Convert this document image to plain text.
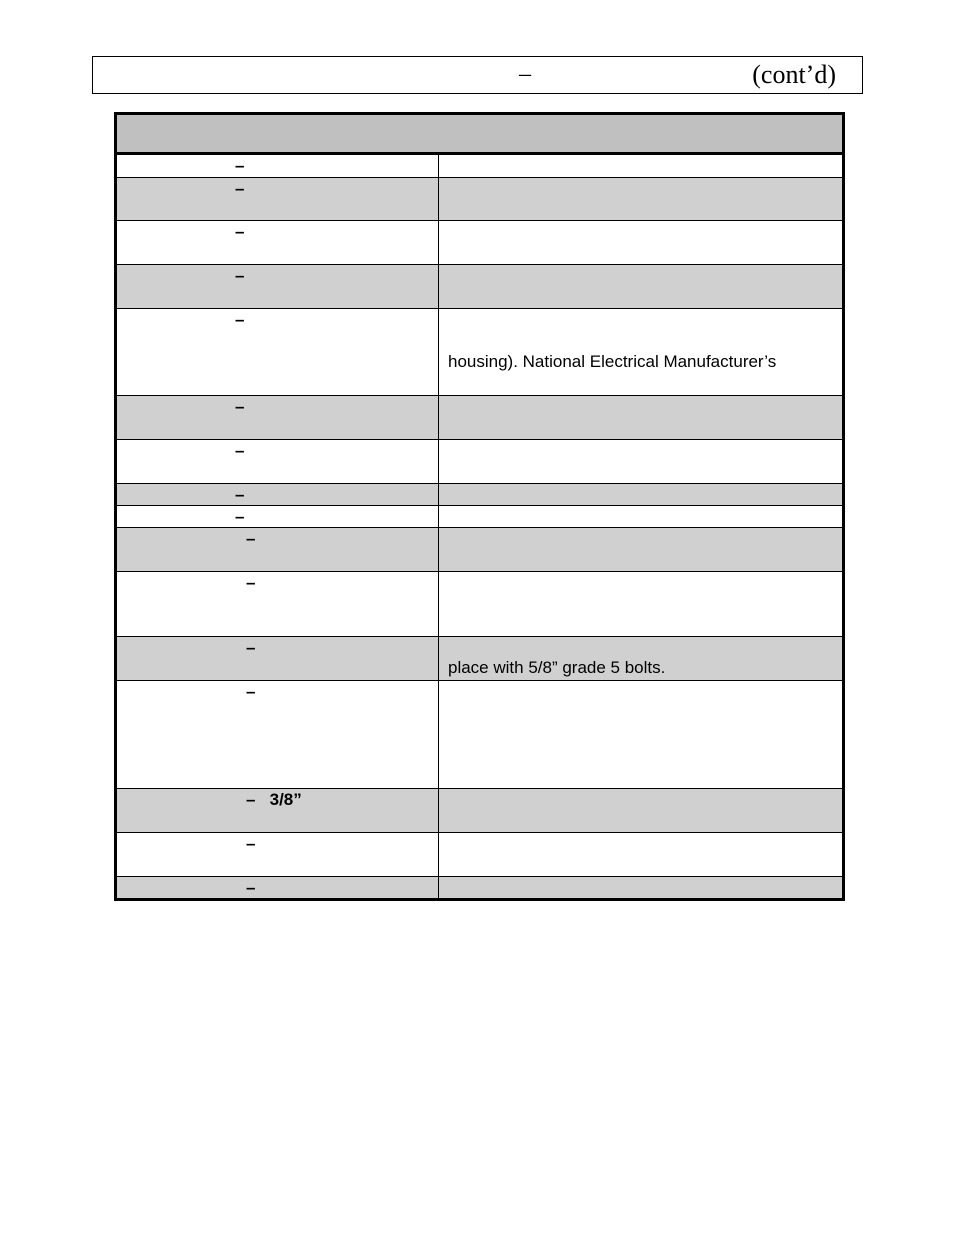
–	(cont’d)
–
–
–
–
–
housing). National Electrical Manufacturer’s
–
–
–
–
–
–
–
place with 5/8” grade 5 bolts.
–
–   3/8”
–
–
